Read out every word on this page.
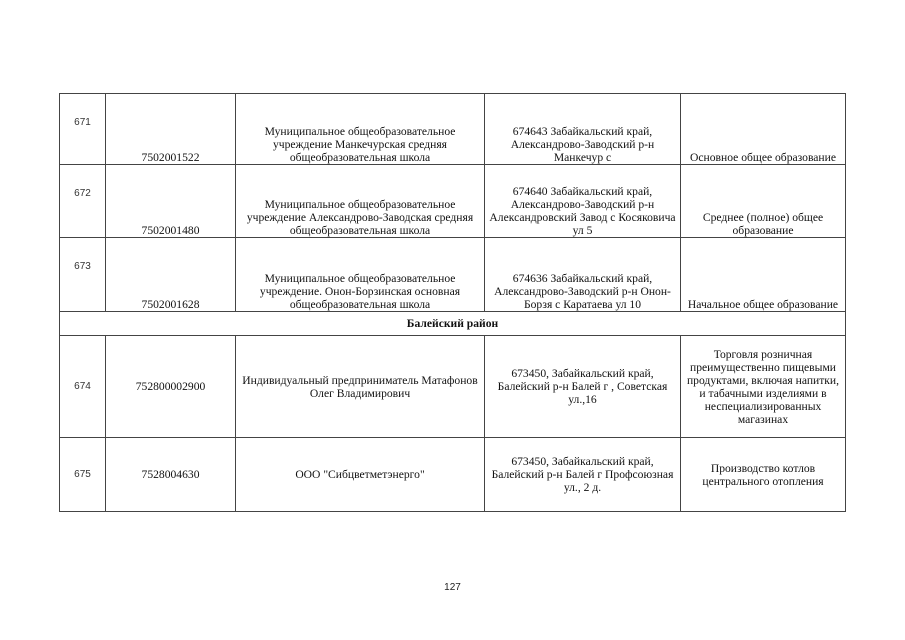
671	7502001522	Муниципальное общеобразовательное учреждение Манкечурская средняя общеобразовательная школа	674643 Забайкальский край, Александрово-Заводский р-н Манкечур с	Основное общее образование
672	7502001480	Муниципальное общеобразовательное учреждение Александрово-Заводская средняя общеобразовательная школа	674640 Забайкальский край, Александрово-Заводский р-н Александровский Завод с Косяковича ул 5	Среднее (полное) общее образование
673	7502001628	Муниципальное общеобразовательное учреждение. Онон-Борзинская основная общеобразовательная школа	674636 Забайкальский край, Александрово-Заводский р-н Онон-Борзя с Каратаева ул 10	Начальное общее образование
Балейский район				
674	752800002900	Индивидуальный предприниматель Матафонов Олег Владимирович	673450, Забайкальский край, Балейский р-н Балей г , Советская ул.,16	Торговля розничная преимущественно пищевыми продуктами, включая напитки, и табачными изделиями в неспециализированных магазинах
675	7528004630	ООО "Сибцветметэнерго"	673450, Забайкальский край, Балейский р-н Балей г Профсоюзная ул., 2 д.	Производство котлов центрального отопления
127
